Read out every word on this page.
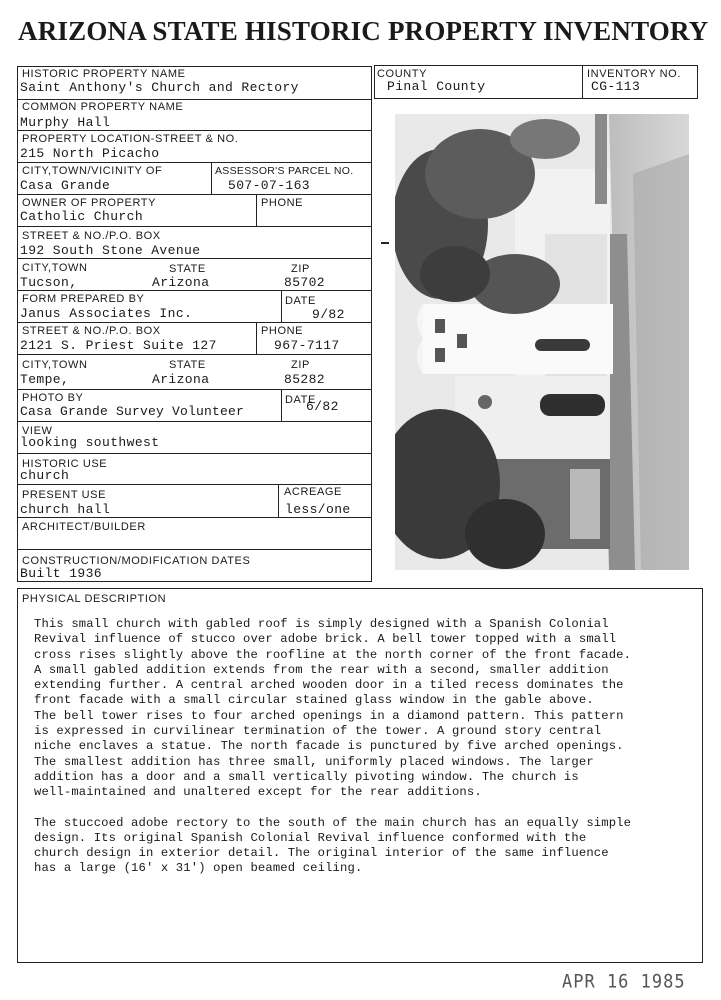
ARIZONA STATE HISTORIC PROPERTY INVENTORY
HISTORIC PROPERTY NAME
Saint Anthony's Church and Rectory
COMMON PROPERTY NAME
Murphy Hall
PROPERTY LOCATION-STREET & NO.
215 North Picacho
CITY,TOWN/VICINITY OF
Casa Grande
ASSESSOR'S PARCEL NO.
507-07-163
OWNER OF PROPERTY
Catholic Church
PHONE
STREET & NO./P.O. BOX
192 South Stone Avenue
CITY,TOWN
Tucson,
STATE
Arizona
ZIP
85702
FORM PREPARED BY
Janus Associates Inc.
DATE
9/82
STREET & NO./P.O. BOX
2121 S. Priest Suite 127
PHONE
967-7117
CITY,TOWN
Tempe,
STATE
Arizona
ZIP
85282
PHOTO BY
Casa Grande Survey Volunteer
DATE
6/82
VIEW
looking southwest
HISTORIC USE
church
PRESENT USE
church hall
ACREAGE
less/one
ARCHITECT/BUILDER
CONSTRUCTION/MODIFICATION DATES
Built 1936
COUNTY
Pinal County
INVENTORY NO.
CG-113
PHYSICAL DESCRIPTION

This small church with gabled roof is simply designed with a Spanish Colonial
Revival influence of stucco over adobe brick. A bell tower topped with a small
cross rises slightly above the roofline at the north corner of the front facade.
A small gabled addition extends from the rear with a second, smaller addition
extending further. A central arched wooden door in a tiled recess dominates the
front facade with a small circular stained glass window in the gable above.
The bell tower rises to four arched openings in a diamond pattern. This pattern
is expressed in curvilinear termination of the tower. A ground story central
niche enclaves a statue. The north facade is punctured by five arched openings.
The smallest addition has three small, uniformly placed windows. The larger
addition has a door and a small vertically pivoting window. The church is
well-maintained and unaltered except for the rear additions.

The stuccoed adobe rectory to the south of the main church has an equally simple
design. Its original Spanish Colonial Revival influence conformed with the
church design in exterior detail. The original interior of the same influence
has a large (16' x 31') open beamed ceiling.

APR 16 1985
